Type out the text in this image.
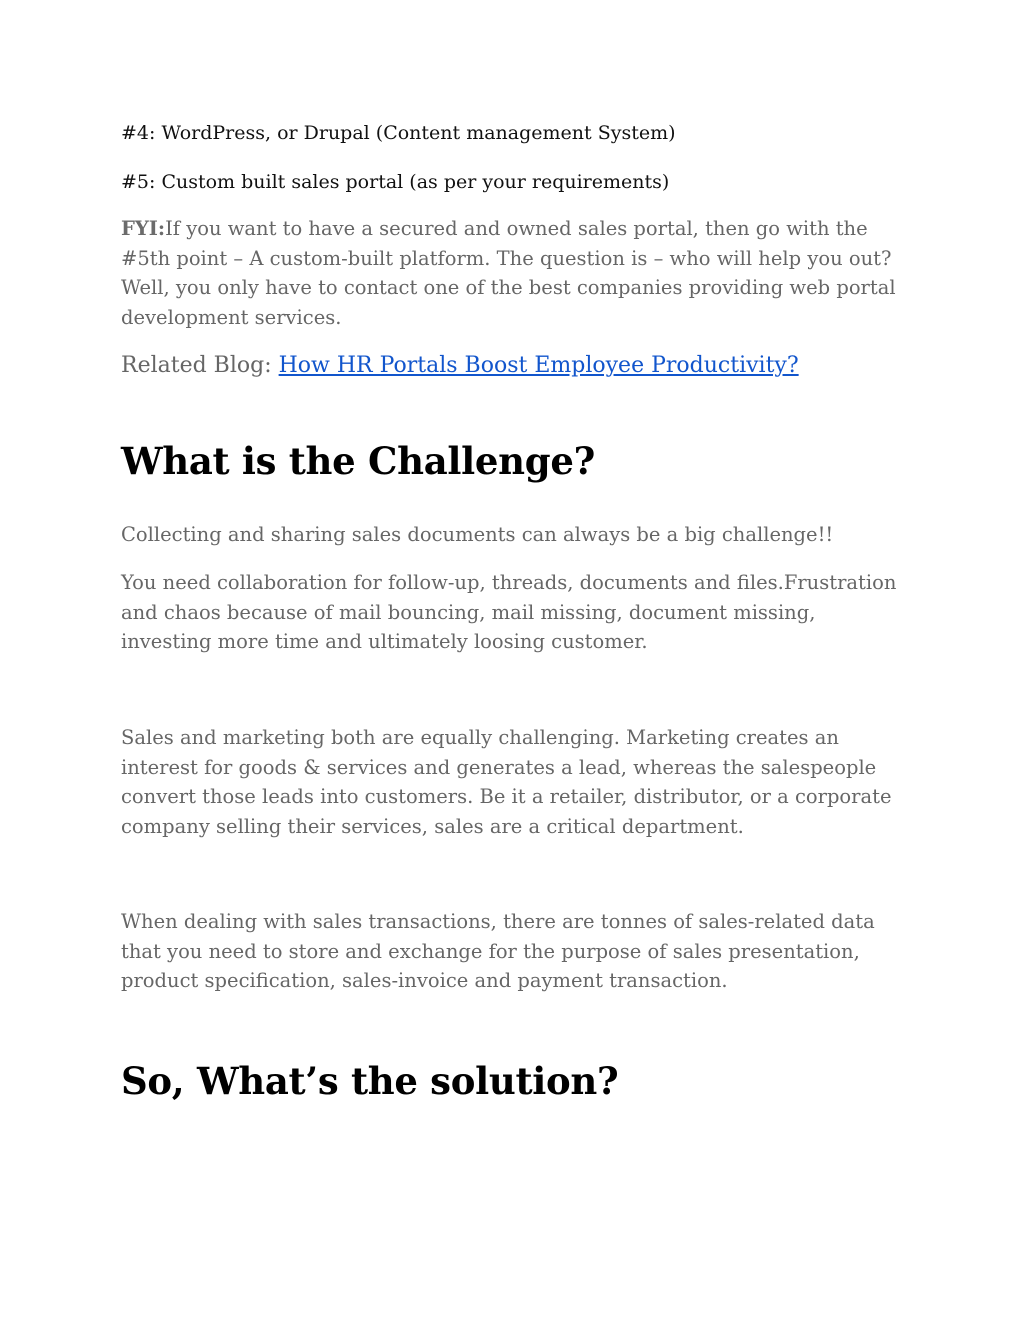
#4: WordPress, or Drupal (Content management System)

#5: Custom built sales portal (as per your requirements)

FYI:If you want to have a secured and owned sales portal, then go with the #5th point – A custom-built platform. The question is – who will help you out? Well, you only have to contact one of the best companies providing web portal development services.

Related Blog: How HR Portals Boost Employee Productivity?

What is the Challenge?

Collecting and sharing sales documents can always be a big challenge!!

You need collaboration for follow-up, threads, documents and files.Frustration and chaos because of mail bouncing, mail missing, document missing, investing more time and ultimately loosing customer.

Sales and marketing both are equally challenging. Marketing creates an interest for goods & services and generates a lead, whereas the salespeople convert those leads into customers. Be it a retailer, distributor, or a corporate company selling their services, sales are a critical department.

When dealing with sales transactions, there are tonnes of sales-related data that you need to store and exchange for the purpose of sales presentation, product specification, sales-invoice and payment transaction.

So, What’s the solution?
